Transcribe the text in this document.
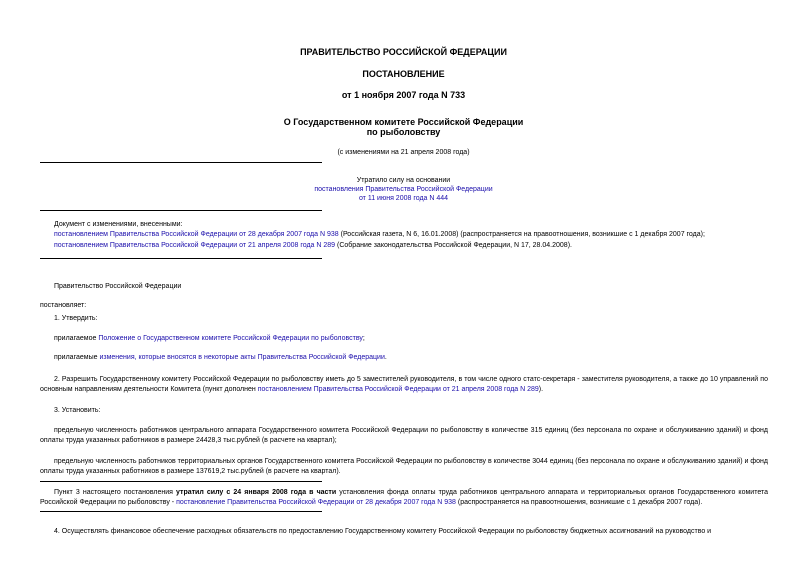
ПРАВИТЕЛЬСТВО РОССИЙСКОЙ ФЕДЕРАЦИИ
ПОСТАНОВЛЕНИЕ
от 1 ноября 2007 года N 733
О Государственном комитете Российской Федерации
по рыболовству
(с изменениями на 21 апреля 2008 года)
Утратило силу на основании
постановления Правительства Российской Федерации
от 11 июня 2008 года N 444
Документ с изменениями, внесенными:
постановлением Правительства Российской Федерации от 28 декабря 2007 года N 938 (Российская газета, N 6, 16.01.2008) (распространяется на правоотношения, возникшие с 1 декабря 2007 года);
постановлением Правительства Российской Федерации от 21 апреля 2008 года N 289 (Собрание законодательства Российской Федерации, N 17, 28.04.2008).
Правительство Российской Федерации
постановляет:
1. Утвердить:
прилагаемое Положение о Государственном комитете Российской Федерации по рыболовству;
прилагаемые изменения, которые вносятся в некоторые акты Правительства Российской Федерации.
2. Разрешить Государственному комитету Российской Федерации по рыболовству иметь до 5 заместителей руководителя, в том числе одного статс-секретаря - заместителя руководителя, а также до 10 управлений по основным направлениям деятельности Комитета (пункт дополнен постановлением Правительства Российской Федерации от 21 апреля 2008 года N 289).
3. Установить:
предельную численность работников центрального аппарата Государственного комитета Российской Федерации по рыболовству в количестве 315 единиц (без персонала по охране и обслуживанию зданий) и фонд оплаты труда указанных работников в размере 24428,3 тыс.рублей (в расчете на квартал);
предельную численность работников территориальных органов Государственного комитета Российской Федерации по рыболовству в количестве 3044 единиц (без персонала по охране и обслуживанию зданий) и фонд оплаты труда указанных работников в размере 137619,2 тыс.рублей (в расчете на квартал).
Пункт 3 настоящего постановления утратил силу с 24 января 2008 года в части установления фонда оплаты труда работников центрального аппарата и территориальных органов Государственного комитета Российской Федерации по рыболовству - постановление Правительства Российской Федерации от 28 декабря 2007 года N 938 (распространяется на правоотношения, возникшие с 1 декабря 2007 года).
4. Осуществлять финансовое обеспечение расходных обязательств по предоставлению Государственному комитету Российской Федерации по рыболовству бюджетных ассигнований на руководство и
